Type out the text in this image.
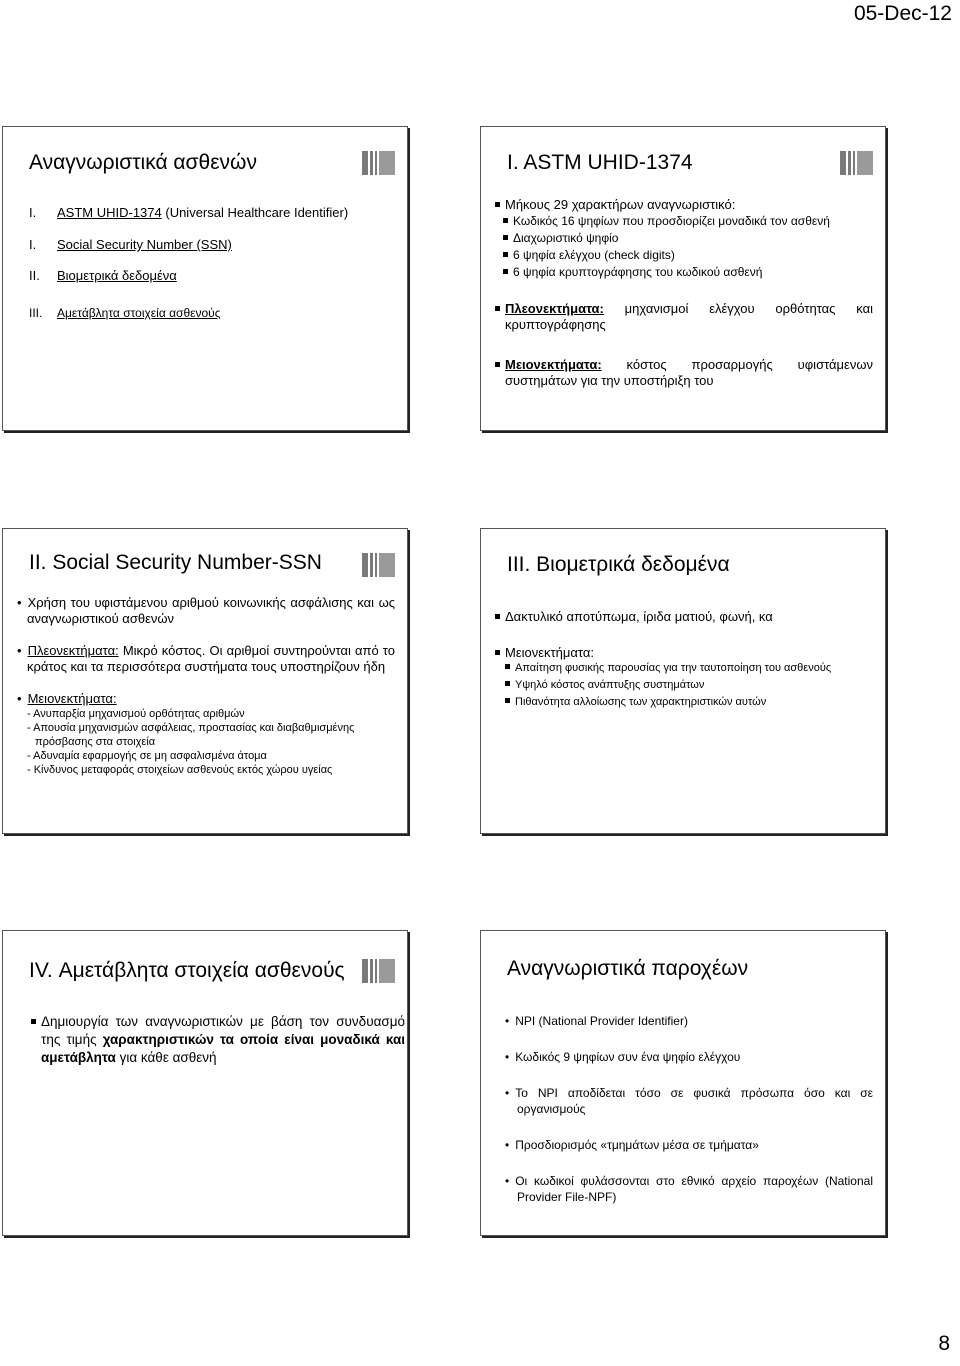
05-Dec-12
Αναγνωριστικά ασθενών
I.	ASTM UHID-1374 (Universal Healthcare Identifier)
I.	Social Security Number (SSN)
II.	Βιομετρικά δεδομένα
III. Αμετάβλητα στοιχεία ασθενούς
I. ASTM UHID-1374
Μήκους 29 χαρακτήρων αναγνωριστικό:
Κωδικός 16 ψηφίων που προσδιορίζει μοναδικά τον ασθενή
Διαχωριστικό ψηφίο
6 ψηφία ελέγχου (check digits)
6 ψηφία κρυπτογράφησης του κωδικού ασθενή
Πλεονεκτήματα: μηχανισμοί ελέγχου ορθότητας και κρυπτογράφησης
Μειονεκτήματα: κόστος προσαρμογής υφιστάμενων συστημάτων για την υποστήριξη του
II. Social Security Number-SSN
• Χρήση του υφιστάμενου αριθμού κοινωνικής ασφάλισης και ως αναγνωριστικού ασθενών
• Πλεονεκτήματα: Μικρό κόστος. Οι αριθμοί συντηρούνται από το κράτος και τα περισσότερα συστήματα τους υποστηρίζουν ήδη
• Μειονεκτήματα:
- Ανυπαρξία μηχανισμού ορθότητας αριθμών
- Απουσία μηχανισμών ασφάλειας, προστασίας και διαβαθμισμένης πρόσβασης στα στοιχεία
- Αδυναμία εφαρμογής σε μη ασφαλισμένα άτομα
- Κίνδυνος μεταφοράς στοιχείων ασθενούς εκτός χώρου υγείας
III. Βιομετρικά δεδομένα
Δακτυλικό αποτύπωμα, ίριδα ματιού, φωνή, κα
Μειονεκτήματα:
Απαίτηση φυσικής παρουσίας για την ταυτοποίηση του ασθενούς
Υψηλό κόστος ανάπτυξης συστημάτων
Πιθανότητα αλλοίωσης των χαρακτηριστικών αυτών
IV. Αμετάβλητα στοιχεία ασθενούς
Δημιουργία των αναγνωριστικών με βάση τον συνδυασμό της τιμής χαρακτηριστικών τα οποία είναι μοναδικά και αμετάβλητα για κάθε ασθενή
Αναγνωριστικά παροχέων
• NPI (National Provider Identifier)
• Κωδικός 9 ψηφίων συν ένα ψηφίο ελέγχου
• Το NPI αποδίδεται τόσο σε φυσικά πρόσωπα όσο και σε οργανισμούς
• Προσδιορισμός «τμημάτων μέσα σε τμήματα»
• Οι κωδικοί φυλάσσονται στο εθνικό αρχείο παροχέων (National Provider File-NPF)
8
